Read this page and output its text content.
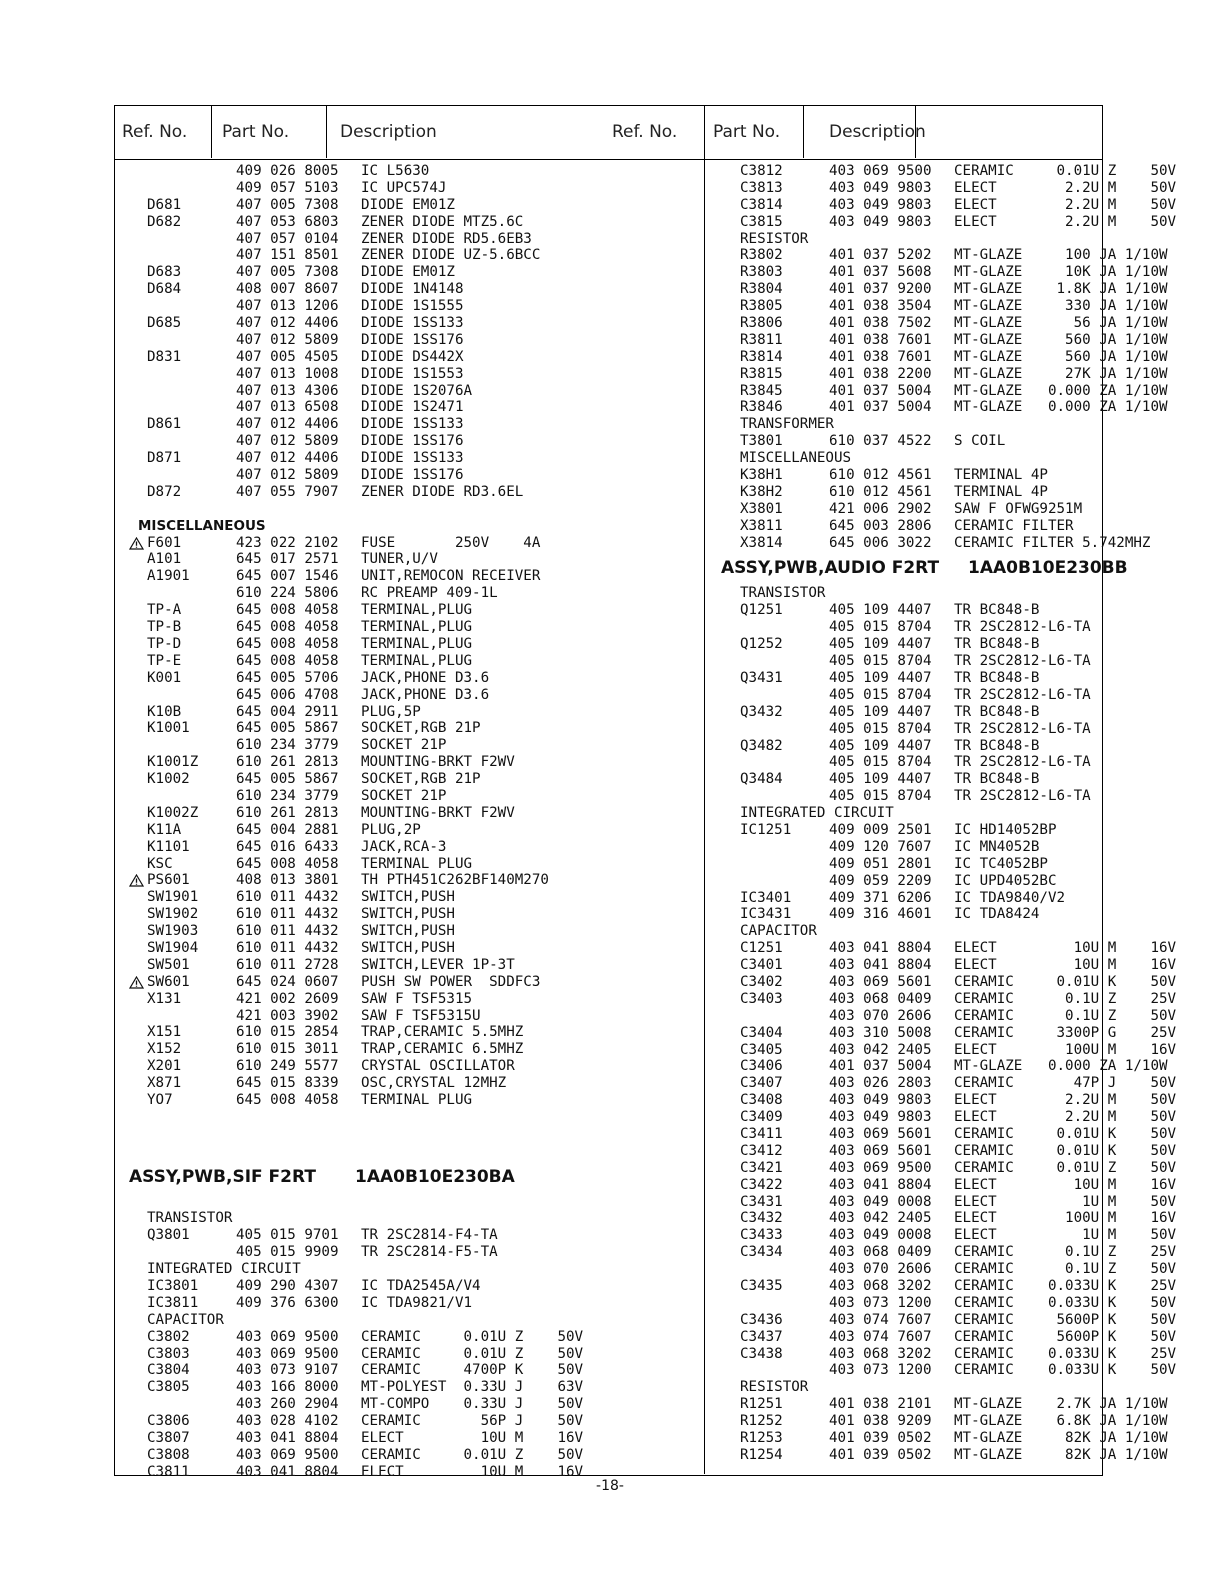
Ref. No. Part No.	Description	Ref. No. Part No.	Description
409 026 8005 IC L5630
409 057 5103 IC UPC574J
D681	407 005 7308 DIODE EM01Z
D682	407 053 6803 ZENER DIODE MTZ5.6C
407 057 0104 ZENER DIODE RD5.6EB3
407 151 8501 ZENER DIODE UZ-5.6BCC
D683	407 005 7308 DIODE EM01Z
D684	408 007 8607 DIODE 1N4148
407 013 1206 DIODE 1S1555
D685	407 012 4406 DIODE 1SS133
407 012 5809 DIODE 1SS176
D831	407 005 4505 DIODE DS442X
407 013 1008 DIODE 1S1553
407 013 4306 DIODE 1S2076A
407 013 6508 DIODE 1S2471
D861	407 012 4406 DIODE 1SS133
407 012 5809 DIODE 1SS176
D871	407 012 4406 DIODE 1SS133
407 012 5809 DIODE 1SS176
D872	407 055 7907 ZENER DIODE RD3.6EL
MISCELLANEOUS
F601	423 022 2102 FUSE       250V    4A
A101	645 017 2571 TUNER,U/V
A1901	645 007 1546 UNIT,REMOCON RECEIVER
610 224 5806 RC PREAMP 409-1L
TP-A	645 008 4058 TERMINAL,PLUG
TP-B	645 008 4058 TERMINAL,PLUG
TP-D	645 008 4058 TERMINAL,PLUG
TP-E	645 008 4058 TERMINAL,PLUG
K001	645 005 5706 JACK,PHONE D3.6
645 006 4708 JACK,PHONE D3.6
K10B	645 004 2911 PLUG,5P
K1001	645 005 5867 SOCKET,RGB 21P
610 234 3779 SOCKET 21P
K1001Z	610 261 2813 MOUNTING-BRKT F2WV
K1002	645 005 5867 SOCKET,RGB 21P
610 234 3779 SOCKET 21P
K1002Z	610 261 2813 MOUNTING-BRKT F2WV
K11A	645 004 2881 PLUG,2P
K1101	645 016 6433 JACK,RCA-3
KSC	645 008 4058 TERMINAL PLUG
PS601	408 013 3801 TH PTH451C262BF140M270
SW1901	610 011 4432 SWITCH,PUSH
SW1902	610 011 4432 SWITCH,PUSH
SW1903	610 011 4432 SWITCH,PUSH
SW1904	610 011 4432 SWITCH,PUSH
SW501	610 011 2728 SWITCH,LEVER 1P-3T
SW601	645 024 0607 PUSH SW POWER  SDDFC3
X131	421 002 2609 SAW F TSF5315
421 003 3902 SAW F TSF5315U
X151	610 015 2854 TRAP,CERAMIC 5.5MHZ
X152	610 015 3011 TRAP,CERAMIC 6.5MHZ
X201	610 249 5577 CRYSTAL OSCILLATOR
X871	645 015 8339 OSC,CRYSTAL 12MHZ
YO7	645 008 4058 TERMINAL PLUG
ASSY,PWB,SIF F2RT 1AA0B10E230BA
TRANSISTOR
Q3801	405 015 9701 TR 2SC2814-F4-TA
405 015 9909 TR 2SC2814-F5-TA
INTEGRATED CIRCUIT
IC3801	409 290 4307 IC TDA2545A/V4
IC3811	409 376 6300 IC TDA9821/V1
CAPACITOR
C3802	403 069 9500 CERAMIC     0.01U Z    50V
C3803	403 069 9500 CERAMIC     0.01U Z    50V
C3804	403 073 9107 CERAMIC     4700P K    50V
C3805	403 166 8000 MT-POLYEST  0.33U J    63V
403 260 2904 MT-COMPO    0.33U J    50V
C3806	403 028 4102 CERAMIC       56P J    50V
C3807	403 041 8804 ELECT         10U M    16V
C3808	403 069 9500 CERAMIC     0.01U Z    50V
C3811	403 041 8804 ELECT         10U M    16V
C3812	403 069 9500 CERAMIC     0.01U Z    50V
C3813	403 049 9803 ELECT        2.2U M    50V
C3814	403 049 9803 ELECT        2.2U M    50V
C3815	403 049 9803 ELECT        2.2U M    50V
RESISTOR
R3802	401 037 5202 MT-GLAZE     100 JA 1/10W
R3803	401 037 5608 MT-GLAZE     10K JA 1/10W
R3804	401 037 9200 MT-GLAZE    1.8K JA 1/10W
R3805	401 038 3504 MT-GLAZE     330 JA 1/10W
R3806	401 038 7502 MT-GLAZE      56 JA 1/10W
R3811	401 038 7601 MT-GLAZE     560 JA 1/10W
R3814	401 038 7601 MT-GLAZE     560 JA 1/10W
R3815	401 038 2200 MT-GLAZE     27K JA 1/10W
R3845	401 037 5004 MT-GLAZE   0.000 ZA 1/10W
R3846	401 037 5004 MT-GLAZE   0.000 ZA 1/10W
TRANSFORMER
T3801	610 037 4522 S COIL
MISCELLANEOUS
K38H1	610 012 4561 TERMINAL 4P
K38H2	610 012 4561 TERMINAL 4P
X3801	421 006 2902 SAW F OFWG9251M
X3811	645 003 2806 CERAMIC FILTER
X3814	645 006 3022 CERAMIC FILTER 5.742MHZ
ASSY,PWB,AUDIO F2RT 1AA0B10E230BB
TRANSISTOR
Q1251	405 109 4407 TR BC848-B
405 015 8704 TR 2SC2812-L6-TA
Q1252	405 109 4407 TR BC848-B
405 015 8704 TR 2SC2812-L6-TA
Q3431	405 109 4407 TR BC848-B
405 015 8704 TR 2SC2812-L6-TA
Q3432	405 109 4407 TR BC848-B
405 015 8704 TR 2SC2812-L6-TA
Q3482	405 109 4407 TR BC848-B
405 015 8704 TR 2SC2812-L6-TA
Q3484	405 109 4407 TR BC848-B
405 015 8704 TR 2SC2812-L6-TA
INTEGRATED CIRCUIT
IC1251	409 009 2501 IC HD14052BP
409 120 7607 IC MN4052B
409 051 2801 IC TC4052BP
409 059 2209 IC UPD4052BC
IC3401	409 371 6206 IC TDA9840/V2
IC3431	409 316 4601 IC TDA8424
CAPACITOR
C1251	403 041 8804 ELECT         10U M    16V
C3401	403 041 8804 ELECT         10U M    16V
C3402	403 069 5601 CERAMIC     0.01U K    50V
C3403	403 068 0409 CERAMIC      0.1U Z    25V
403 070 2606 CERAMIC      0.1U Z    50V
C3404	403 310 5008 CERAMIC     3300P G    25V
C3405	403 042 2405 ELECT        100U M    16V
C3406	401 037 5004 MT-GLAZE   0.000 ZA 1/10W
C3407	403 026 2803 CERAMIC       47P J    50V
C3408	403 049 9803 ELECT        2.2U M    50V
C3409	403 049 9803 ELECT        2.2U M    50V
C3411	403 069 5601 CERAMIC     0.01U K    50V
C3412	403 069 5601 CERAMIC     0.01U K    50V
C3421	403 069 9500 CERAMIC     0.01U Z    50V
C3422	403 041 8804 ELECT         10U M    16V
C3431	403 049 0008 ELECT          1U M    50V
C3432	403 042 2405 ELECT        100U M    16V
C3433	403 049 0008 ELECT          1U M    50V
C3434	403 068 0409 CERAMIC      0.1U Z    25V
403 070 2606 CERAMIC      0.1U Z    50V
C3435	403 068 3202 CERAMIC    0.033U K    25V
403 073 1200 CERAMIC    0.033U K    50V
C3436	403 074 7607 CERAMIC     5600P K    50V
C3437	403 074 7607 CERAMIC     5600P K    50V
C3438	403 068 3202 CERAMIC    0.033U K    25V
403 073 1200 CERAMIC    0.033U K    50V
RESISTOR
R1251	401 038 2101 MT-GLAZE    2.7K JA 1/10W
R1252	401 038 9209 MT-GLAZE    6.8K JA 1/10W
R1253	401 039 0502 MT-GLAZE     82K JA 1/10W
R1254	401 039 0502 MT-GLAZE     82K JA 1/10W
-18-
